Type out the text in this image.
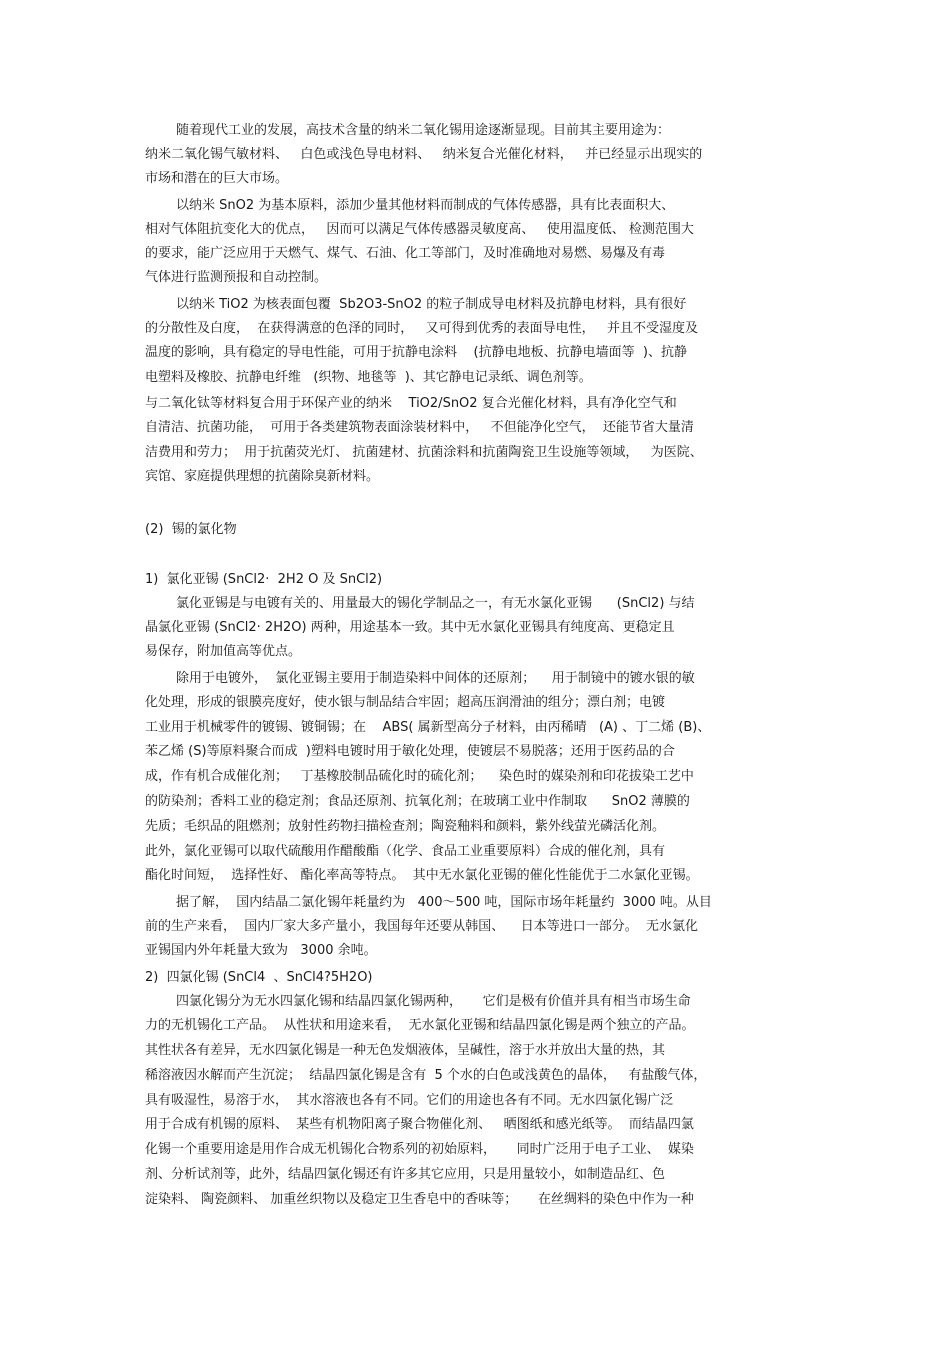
随着现代工业的发展，高技术含量的纳米二氧化锡用途逐渐显现。目前其主要用途为：
纳米二氧化锡气敏材料、   白色或浅色导电材料、   纳米复合光催化材料，   并已经显示出现实的
市场和潜在的巨大市场。
以纳米 SnO2 为基本原料，添加少量其他材料而制成的气体传感器，具有比表面积大、
相对气体阻抗变化大的优点，   因而可以满足气体传感器灵敏度高、   使用温度低、 检测范围大
的要求，能广泛应用于天燃气、煤气、石油、化工等部门，及时准确地对易燃、易爆及有毒
气体进行监测预报和自动控制。
以纳米 TiO2 为核表面包覆  Sb2O3-SnO2 的粒子制成导电材料及抗静电材料，具有很好
的分散性及白度，  在获得满意的色泽的同时，   又可得到优秀的表面导电性，   并且不受湿度及
温度的影响，具有稳定的导电性能，可用于抗静电涂料    (抗静电地板、抗静电墙面等  )、抗静
电塑料及橡胶、抗静电纤维   (织物、地毯等  )、其它静电记录纸、调色剂等。
与二氧化钛等材料复合用于环保产业的纳米    TiO2/SnO2 复合光催化材料，具有净化空气和
自清洁、抗菌功能，  可用于各类建筑物表面涂装材料中，   不但能净化空气，  还能节省大量清
洁费用和劳力；  用于抗菌荧光灯、 抗菌建材、抗菌涂料和抗菌陶瓷卫生设施等领域，   为医院、
宾馆、家庭提供理想的抗菌除臭新材料。
(2)  锡的氯化物
1)  氯化亚锡 (SnCl2·  2H2 O 及 SnCl2)
氯化亚锡是与电镀有关的、用量最大的锡化学制品之一，有无水氯化亚锡      (SnCl2) 与结
晶氯化亚锡 (SnCl2· 2H2O) 两种，用途基本一致。其中无水氯化亚锡具有纯度高、更稳定且
易保存，附加值高等优点。
除用于电镀外，  氯化亚锡主要用于制造染料中间体的还原剂；    用于制镜中的镀水银的敏
化处理，形成的银膜亮度好，使水银与制品结合牢固；超高压润滑油的组分；漂白剂；电镀
工业用于机械零件的镀锡、镀铜锡；在    ABS( 属新型高分子材料，由丙稀晴   (A) 、丁二烯 (B)、
苯乙烯 (S)等原料聚合而成  )塑料电镀时用于敏化处理，使镀层不易脱落；还用于医药品的合
成，作有机合成催化剂；   丁基橡胶制品硫化时的硫化剂；    染色时的媒染剂和印花拔染工艺中
的防染剂；香料工业的稳定剂；食品还原剂、抗氧化剂；在玻璃工业中作制取      SnO2 薄膜的
先质；毛织品的阻燃剂；放射性药物扫描检查剂；陶瓷釉料和颜料，紫外线萤光磷活化剂。
此外，氯化亚锡可以取代硫酸用作醋酸酯（化学、食品工业重要原料）合成的催化剂，具有
酯化时间短，  选择性好、 酯化率高等特点。  其中无水氯化亚锡的催化性能优于二水氯化亚锡。
据了解，  国内结晶二氯化锡年耗量约为   400～500 吨，国际市场年耗量约  3000 吨。从目
前的生产来看，  国内厂家大多产量小，我国每年还要从韩国、    日本等进口一部分。  无水氯化
亚锡国内外年耗量大致为   3000 余吨。
2)  四氯化锡 (SnCl4  、SnCl4?5H2O)
四氯化锡分为无水四氯化锡和结晶四氯化锡两种，     它们是极有价值并具有相当市场生命
力的无机锡化工产品。  从性状和用途来看，  无水氯化亚锡和结晶四氯化锡是两个独立的产品。
其性状各有差异，无水四氯化锡是一种无色发烟液体，呈碱性，溶于水并放出大量的热，其
稀溶液因水解而产生沉淀；  结晶四氯化锡是含有  5 个水的白色或浅黄色的晶体，   有盐酸气体，
具有吸湿性，易溶于水，  其水溶液也各有不同。它们的用途也各有不同。无水四氯化锡广泛
用于合成有机锡的原料、  某些有机物阳离子聚合物催化剂、   晒图纸和感光纸等。  而结晶四氯
化锡一个重要用途是用作合成无机锡化合物系列的初始原料，     同时广泛用于电子工业、  媒染
剂、分析试剂等，此外，结晶四氯化锡还有许多其它应用，只是用量较小，如制造品红、色
淀染料、 陶瓷颜料、 加重丝织物以及稳定卫生香皂中的香味等；     在丝绸料的染色中作为一种
